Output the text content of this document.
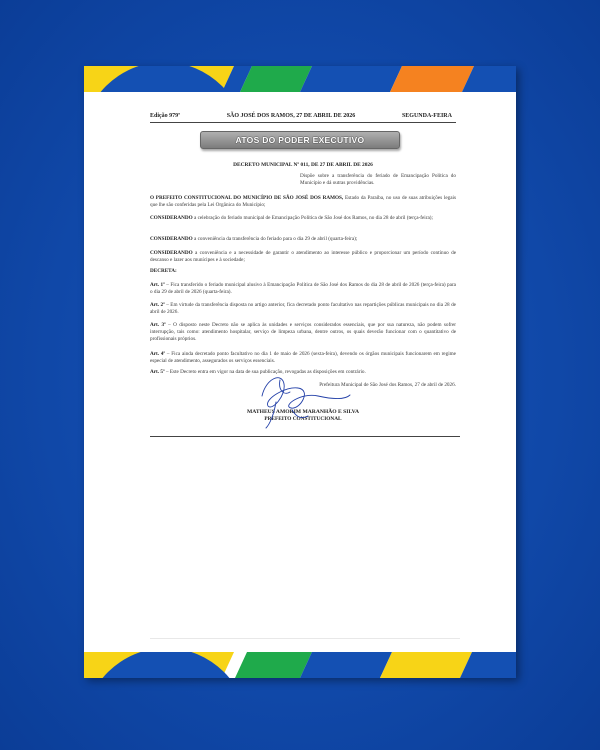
Edição 979ª	SÃO JOSÉ DOS RAMOS, 27 DE ABRIL DE 2026	SEGUNDA-FEIRA
ATOS DO PODER EXECUTIVO

DECRETO MUNICIPAL Nº 011, DE 27 DE ABRIL DE 2026

Dispõe sobre a transferência do feriado de Emancipação Política do Município e dá outras providências.

O PREFEITO CONSTITUCIONAL DO MUNICÍPIO DE SÃO JOSÉ DOS RAMOS, Estado da Paraíba, no uso de suas atribuições legais que lhe são conferidas pela Lei Orgânica do Município;

CONSIDERANDO a celebração do feriado municipal de Emancipação Política de São José dos Ramos, no dia 28 de abril (terça-feira);

CONSIDERANDO a conveniência da transferência do feriado para o dia 29 de abril (quarta-feira);

CONSIDERANDO a conveniência e a necessidade de garantir o atendimento ao interesse público e proporcionar um período contínuo de descanso e lazer aos munícipes e à sociedade;

DECRETA:

Art. 1º – Fica transferido o feriado municipal alusivo à Emancipação Política de São José dos Ramos do dia 28 de abril de 2026 (terça-feira) para o dia 29 de abril de 2026 (quarta-feira).

Art. 2º – Em virtude da transferência disposta no artigo anterior, fica decretado ponto facultativo nas repartições públicas municipais no dia 28 de abril de 2026.

Art. 3º – O disposto neste Decreto não se aplica às unidades e serviços considerados essenciais, que por sua natureza, não podem sofrer interrupção, tais como: atendimento hospitalar, serviço de limpeza urbana, dentre outros, os quais deverão funcionar com o quantitativo de profissionais próprios.

Art. 4º – Fica ainda decretado ponto facultativo no dia 1 de maio de 2026 (sexta-feira), devendo os órgãos municipais funcionarem em regime especial de atendimento, assegurados os serviços essenciais.

Art. 5º – Este Decreto entra em vigor na data de sua publicação, revogadas as disposições em contrário.

Prefeitura Municipal de São José dos Ramos, 27 de abril de 2026.

MATHEUS AMORIM MARANHÃO E SILVA

PREFEITO CONSTITUCIONAL
